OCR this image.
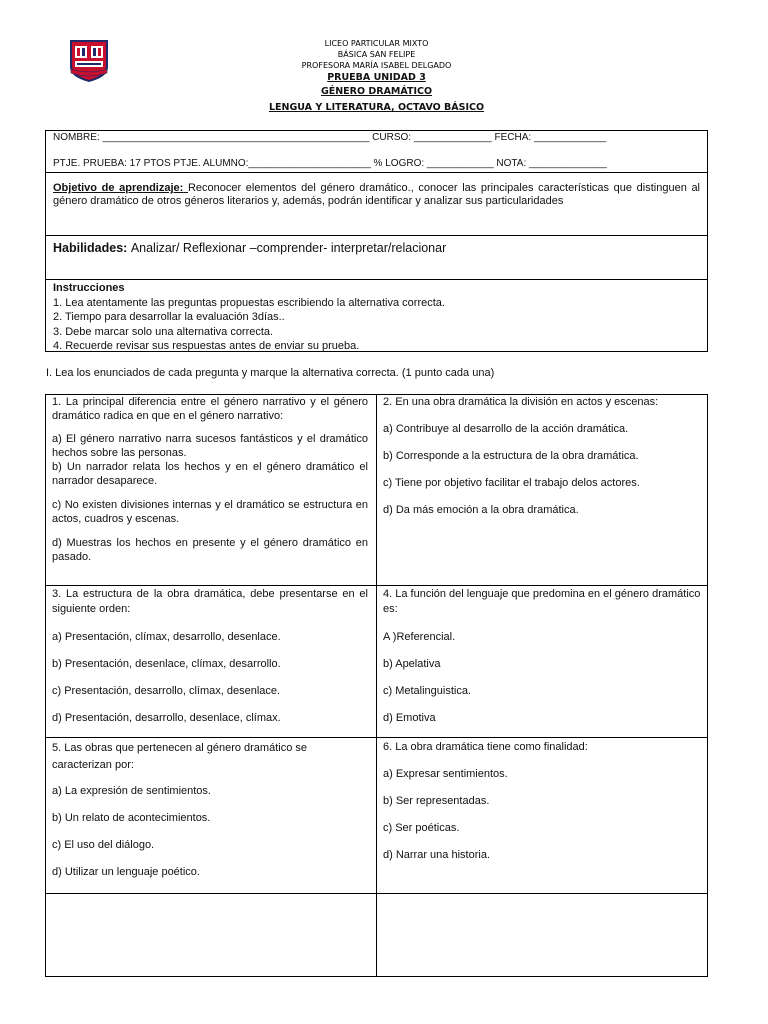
LICEO PARTICULAR MIXTO
BÁSICA SAN FELIPE
PROFESORA MARÍA ISABEL DELGADO
PRUEBA UNIDAD 3
GÉNERO DRAMÁTICO
LENGUA Y LITERATURA, OCTAVO BÁSICO
NOMBRE: ________________________________________________ CURSO: ______________ FECHA: _____________
PTJE. PRUEBA: 17 PTOS PTJE. ALUMNO:______________________ % LOGRO: ____________ NOTA: ______________
Objetivo de aprendizaje: Reconocer elementos del género dramático., conocer las principales características que distinguen al género dramático de otros géneros literarios y, además, podrán identificar y analizar sus particularidades
Habilidades: Analizar/ Reflexionar –comprender- interpretar/relacionar
Instrucciones
1. Lea atentamente las preguntas propuestas escribiendo la alternativa correcta.
2. Tiempo para desarrollar la evaluación 3días..
3. Debe marcar solo una alternativa correcta.
4. Recuerde revisar sus respuestas antes de enviar su prueba.
I. Lea los enunciados de cada pregunta y marque la alternativa correcta. (1 punto cada una)

1. La principal diferencia entre el género narrativo y el género dramático radica en que en el género narrativo:

a) El género narrativo narra sucesos fantásticos y el dramático hechos sobre las personas.

b) Un narrador relata los hechos y en el género dramático el narrador desaparece.

c) No existen divisiones internas y el dramático se estructura en actos, cuadros y escenas.

d) Muestras los hechos en presente y el género dramático en pasado.

2. En una obra dramática la división en actos y escenas:

a) Contribuye al desarrollo de la acción dramática.

b) Corresponde a la estructura de la obra dramática.

c) Tiene por objetivo facilitar el trabajo delos actores.

d) Da más emoción a la obra dramática.

3. La estructura de la obra dramática, debe presentarse en el siguiente orden:

a) Presentación, clímax, desarrollo, desenlace.

b) Presentación, desenlace, clímax, desarrollo.

c) Presentación, desarrollo, clímax, desenlace.

d) Presentación, desarrollo, desenlace, clímax.

4. La función del lenguaje que predomina en el género dramático es:

A )Referencial.

b) Apelativa

c) Metalinguistica.

d) Emotiva

5. Las obras que pertenecen al género dramático se caracterizan por:

a) La expresión de sentimientos.

b) Un relato de acontecimientos.

c) El uso del diálogo.

d) Utilizar un lenguaje poético.

6. La obra dramática tiene como finalidad:

a) Expresar sentimientos.

b) Ser representadas.

c) Ser poéticas.

d) Narrar una historia.
